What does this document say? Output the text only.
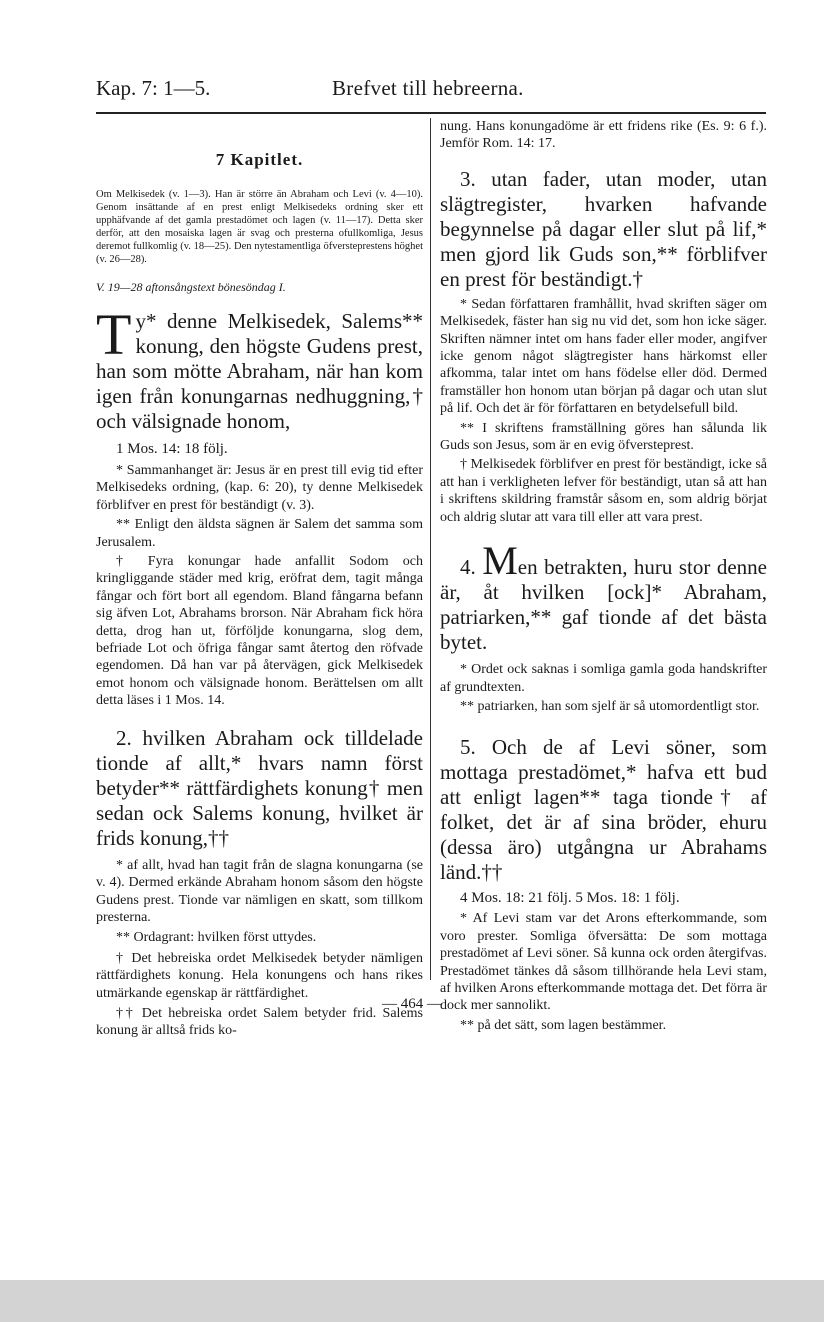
Kap. 7: 1—5.	Brefvet till hebreerna.

7 Kapitlet.

Om Melkisedek (v. 1—3). Han är större än Abraham och Levi (v. 4—10). Genom insättande af en prest enligt Melkisedeks ordning sker ett upphäfvande af det gamla prestadömet och lagen (v. 11—17). Detta sker derför, att den mosaiska lagen är svag och presterna ofullkomliga, Jesus deremot fullkomlig (v. 18—25). Den nytestamentliga öfversteprestens höghet (v. 26—28).

V. 19—28 aftonsångstext bönesöndag I.

Ty* denne Melkisedek, Salems** konung, den högste Gudens prest, han som mötte Abraham, när han kom igen från konungarnas nedhuggning,† och välsignade honom,

1 Mos. 14: 18 följ.

* Sammanhanget är: Jesus är en prest till evig tid efter Melkisedeks ordning, (kap. 6: 20), ty denne Melkisedek förblifver en prest för beständigt (v. 3).

** Enligt den äldsta sägnen är Salem det samma som Jerusalem.

† Fyra konungar hade anfallit Sodom och kringliggande städer med krig, eröfrat dem, tagit många fångar och fört bort all egendom. Bland fångarna befann sig äfven Lot, Abrahams brorson. När Abraham fick höra detta, drog han ut, förföljde konungarna, slog dem, befriade Lot och öfriga fångar samt återtog den röfvade egendomen. Då han var på återvägen, gick Melkisedek emot honom och välsignade honom. Berättelsen om allt detta läses i 1 Mos. 14.

2. hvilken Abraham ock tilldelade tionde af allt,* hvars namn först betyder** rättfärdighets konung† men sedan ock Salems konung, hvilket är frids konung,††

* af allt, hvad han tagit från de slagna konungarna (se v. 4). Dermed erkände Abraham honom såsom den högste Gudens prest. Tionde var nämligen en skatt, som tillkom presterna.

** Ordagrant: hvilken först uttydes.

† Det hebreiska ordet Melkisedek betyder nämligen rättfärdighets konung. Hela konungens och hans rikes utmärkande egenskap är rättfärdighet.

†† Det hebreiska ordet Salem betyder frid. Salems konung är alltså frids ko-

nung. Hans konungadöme är ett fridens rike (Es. 9: 6 f.). Jemför Rom. 14: 17.

3. utan fader, utan moder, utan slägtregister, hvarken hafvande begynnelse på dagar eller slut på lif,* men gjord lik Guds son,** förblifver en prest för beständigt.†

* Sedan författaren framhållit, hvad skriften säger om Melkisedek, fäster han sig nu vid det, som hon icke säger. Skriften nämner intet om hans fader eller moder, angifver icke genom något slägtregister hans härkomst eller afkomma, talar intet om hans födelse eller död. Dermed framställer hon honom utan början på dagar och utan slut på lif. Och det är för författaren en betydelsefull bild.

** I skriftens framställning göres han sålunda lik Guds son Jesus, som är en evig öfversteprest.

† Melkisedek förblifver en prest för beständigt, icke så att han i verkligheten lefver för beständigt, utan så att han i skriftens skildring framstår såsom en, som aldrig börjat och aldrig slutar att vara till eller att vara prest.

4. Men betrakten, huru stor denne är, åt hvilken [ock]* Abraham, patriarken,** gaf tionde af det bästa bytet.

* Ordet ock saknas i somliga gamla goda handskrifter af grundtexten.

** patriarken, han som sjelf är så utomordentligt stor.

5. Och de af Levi söner, som mottaga prestadömet,* hafva ett bud att enligt lagen** taga tionde† af folket, det är af sina bröder, ehuru (dessa äro) utgångna ur Abrahams länd.††

4 Mos. 18: 21 följ. 5 Mos. 18: 1 följ.

* Af Levi stam var det Arons efterkommande, som voro prester. Somliga öfversätta: De som mottaga prestadömet af Levi söner. Så kunna ock orden återgifvas. Prestadömet tänkes då såsom tillhörande hela Levi stam, af hvilken Arons efterkommande mottaga det. Det förra är dock mer sannolikt.

** på det sätt, som lagen bestämmer.

— 464 —
